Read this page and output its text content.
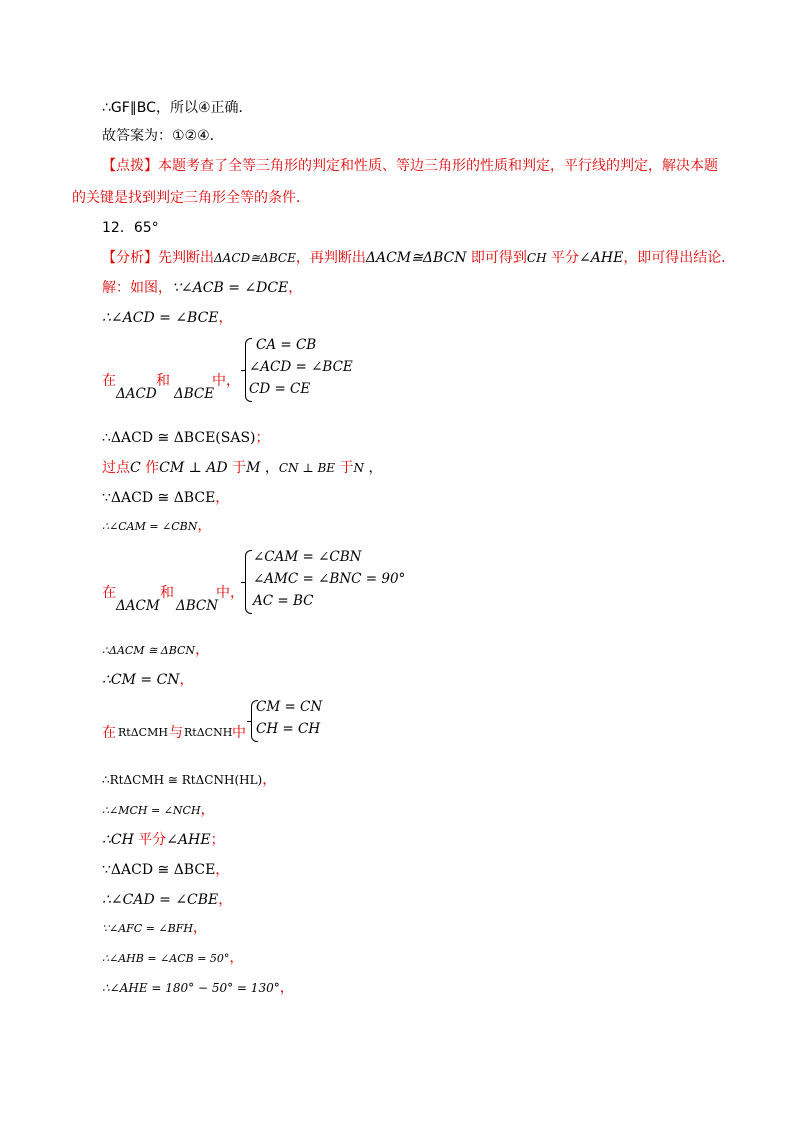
∴GF∥BC，所以④正确．
故答案为：①②④．
【点拨】本题考查了全等三角形的判定和性质、等边三角形的性质和判定，平行线的判定，解决本题
的关键是找到判定三角形全等的条件．
12．65°
【分析】先判断出ΔACD≅ΔBCE，再判断出ΔACM≅ΔBCN 即可得到CH 平分∠AHE，即可得出结论．
解：如图，∵∠ACB = ∠DCE，
∴∠ACD = ∠BCE，
在
ΔACD
和
ΔBCE
中，
CA = CB
∠ACD = ∠BCE
CD = CE
∴ΔACD ≅ ΔBCE(SAS)；
过点C 作CM ⊥ AD 于M ，CN ⊥ BE 于N ，
∵ΔACD ≅ ΔBCE，
∴∠CAM = ∠CBN，
在
ΔACM
和
ΔBCN
中，
∠CAM = ∠CBN
∠AMC = ∠BNC = 90°
AC = BC
∴ΔACM ≅ ΔBCN，
∴CM = CN，
在 RtΔCMH 与 RtΔCNH 中
CM = CN
CH = CH
∴RtΔCMH ≅ RtΔCNH(HL)，
∴∠MCH = ∠NCH，
∴CH 平分∠AHE；
∵ΔACD ≅ ΔBCE，
∴∠CAD = ∠CBE，
∵∠AFC = ∠BFH，
∴∠AHB = ∠ACB = 50°，
∴∠AHE = 180° − 50° = 130°，
